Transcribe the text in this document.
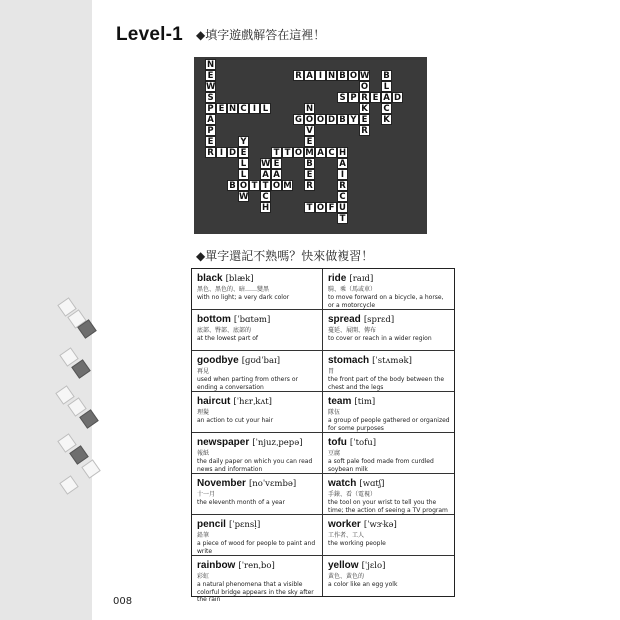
Level-1 ◆填字遊戲解答在這裡！
N
E
W
S
P
A
P
E
R I D E
E N C I L
Y
L
L
O
W
B	T T O M
W
A
C
H
T
E
A
T O M A C H
N
O
V
E
B
E
R
G O D B Y E
R A I N B O W
O
R
K
R
S P	E A D
B
L
C
K
A
I
R
C
U
T
T O F
◆單字還記不熟嗎？快來做複習！
black [blæk]
黑色、黑色的、暗……變黑
with no light; a very dark color
ride [raɪd]
騎、乘（馬或車）
to move forward on a bicycle, a horse, or a motorcycle
bottom [ˈbɑtəm]
底部、臀部、底部的
at the lowest part of
spread [sprɛd]
蔓延、展開、傳布
to cover or reach in a wider region
goodbye [ɡʊdˈbaɪ]
再見
used when parting from others or ending a conversation
stomach [ˈstʌmək]
胃
the front part of the body between the chest and the legs
haircut [ˈhɛrˌkʌt]
理髮
an action to cut your hair
team [tim]
隊伍
a group of people gathered or organized for some purposes
newspaper [ˈnjuzˌpepə]
報紙
the daily paper on which you can read news and information
tofu [ˈtofu]
豆腐
a soft pale food made from curdled soybean milk
November [noˈvɛmbə]
十一月
the eleventh month of a year
watch [wɑtʃ]
手錶、看（電視）
the tool on your wrist to tell you the time; the action of seeing a TV program
pencil [ˈpɛnsḷ]
鉛筆
a piece of wood for people to paint and write
worker [ˈwɝkə]
工作者、工人
the working people
rainbow [ˈrenˌbo]
彩虹
a natural phenomena that a visible colorful bridge appears in the sky after the rain
yellow [ˈjɛlo]
黃色、黃色的
a color like an egg yolk
008
